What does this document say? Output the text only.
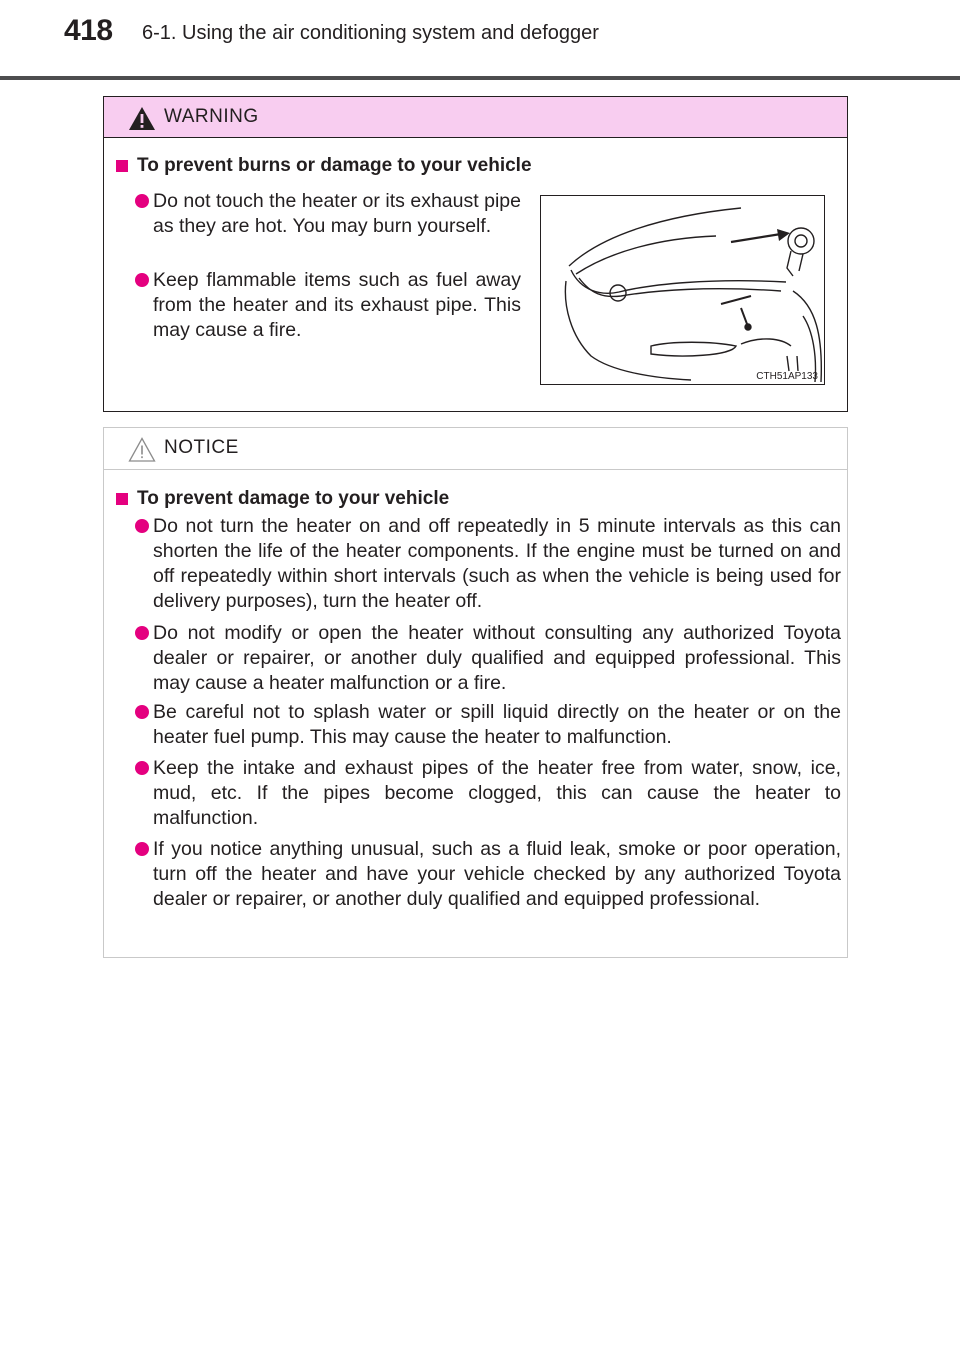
418 6-1. Using the air conditioning system and defogger
WARNING
To prevent burns or damage to your vehicle
Do not touch the heater or its exhaust pipe as they are hot. You may burn yourself.
Keep flammable items such as fuel away from the heater and its exhaust pipe. This may cause a fire.
CTH51AP133
NOTICE
To prevent damage to your vehicle
Do not turn the heater on and off repeatedly in 5 minute intervals as this can shorten the life of the heater components. If the engine must be turned on and off repeatedly within short intervals (such as when the vehicle is being used for delivery purposes), turn the heater off.
Do not modify or open the heater without consulting any authorized Toyota dealer or repairer, or another duly qualified and equipped professional. This may cause a heater malfunction or a fire.
Be careful not to splash water or spill liquid directly on the heater or on the heater fuel pump. This may cause the heater to malfunction.
Keep the intake and exhaust pipes of the heater free from water, snow, ice, mud, etc. If the pipes become clogged, this can cause the heater to malfunction.
If you notice anything unusual, such as a fluid leak, smoke or poor operation, turn off the heater and have your vehicle checked by any authorized Toyota dealer or repairer, or another duly qualified and equipped professional.
